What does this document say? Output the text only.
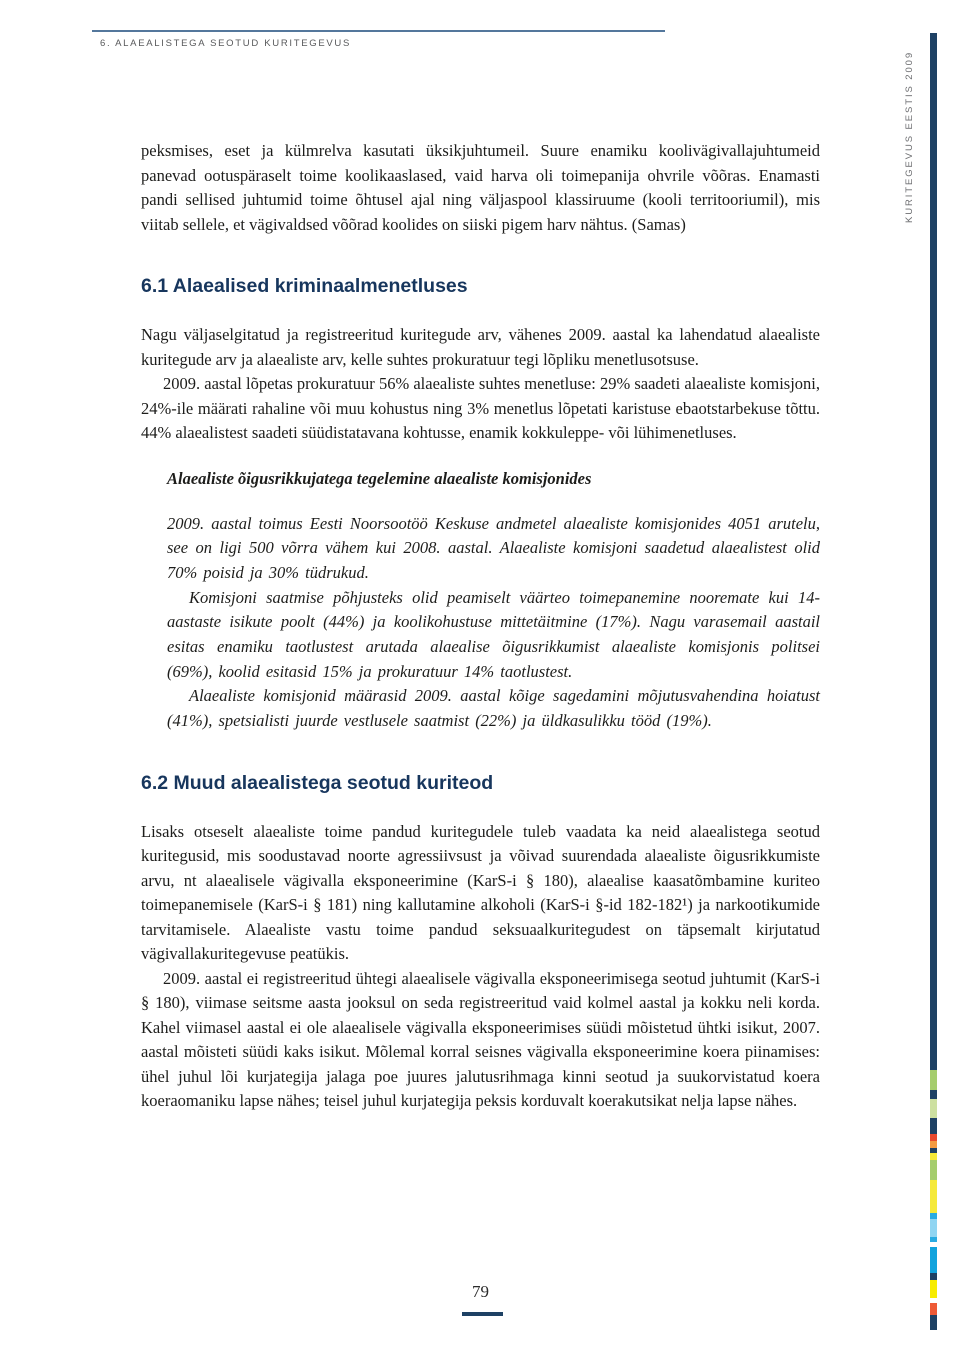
6. ALAEALISTEGA SEOTUD KURITEGEVUS
KURITEGEVUS EESTIS 2009

peksmises, eset ja külmrelva kasutati üksikjuhtumeil. Suure enamiku koolivägivallajuhtumeid panevad ootuspäraselt toime koolikaaslased, vaid harva oli toimepanija ohvrile võõras. Enamasti pandi sellised juhtumid toime õhtusel ajal ning väljaspool klassiruume (kooli territooriumil), mis viitab sellele, et vägivaldsed võõrad koolides on siiski pigem harv nähtus. (Samas)

6.1 Alaealised kriminaalmenetluses

Nagu väljaselgitatud ja registreeritud kuritegude arv, vähenes 2009. aastal ka lahendatud alaealiste kuritegude arv ja alaealiste arv, kelle suhtes prokuratuur tegi lõpliku menetlusotsuse.

2009. aastal lõpetas prokuratuur 56% alaealiste suhtes menetluse: 29% saadeti alaealiste komisjoni, 24%-ile määrati rahaline või muu kohustus ning 3% menetlus lõpetati karistuse ebaotstarbekuse tõttu. 44% alaealistest saadeti süüdistatavana kohtusse, enamik kokkuleppe- või lühimenetluses.

Alaealiste õigusrikkujatega tegelemine alaealiste komisjonides

2009. aastal toimus Eesti Noorsootöö Keskuse andmetel alaealiste komisjonides 4051 arutelu, see on ligi 500 võrra vähem kui 2008. aastal. Alaealiste komisjoni saadetud alaealistest olid 70% poisid ja 30% tüdrukud.

Komisjoni saatmise põhjusteks olid peamiselt väärteo toimepanemine nooremate kui 14-aastaste isikute poolt (44%) ja koolikohustuse mittetäitmine (17%). Nagu varasemail aastail esitas enamiku taotlustest arutada alaealise õigusrikkumist alaealiste komisjonis politsei (69%), koolid esitasid 15% ja prokuratuur 14% taotlustest.

Alaealiste komisjonid määrasid 2009. aastal kõige sagedamini mõjutusvahendina hoiatust (41%), spetsialisti juurde vestlusele saatmist (22%) ja üldkasulikku tööd (19%).

6.2 Muud alaealistega seotud kuriteod

Lisaks otseselt alaealiste toime pandud kuritegudele tuleb vaadata ka neid alaealistega seotud kuritegusid, mis soodustavad noorte agressiivsust ja võivad suurendada alaealiste õigusrikkumiste arvu, nt alaealisele vägivalla eksponeerimine (KarS-i § 180), alaealise kaasatõmbamine kuriteo toimepanemisele (KarS-i § 181) ning kallutamine alkoholi (KarS-i §-id 182-182¹) ja narkootikumide tarvitamisele. Alaealiste vastu toime pandud seksuaalkuritegudest on täpsemalt kirjutatud vägivallakuritegevuse peatükis.

2009. aastal ei registreeritud ühtegi alaealisele vägivalla eksponeerimisega seotud juhtumit (KarS-i § 180), viimase seitsme aasta jooksul on seda registreeritud vaid kolmel aastal ja kokku neli korda. Kahel viimasel aastal ei ole alaealisele vägivalla eksponeerimises süüdi mõistetud ühtki isikut, 2007. aastal mõisteti süüdi kaks isikut. Mõlemal korral seisnes vägivalla eksponeerimine koera piinamises: ühel juhul lõi kurjategija jalaga poe juures jalutusrihmaga kinni seotud ja suukorvistatud koera koeraomaniku lapse nähes; teisel juhul kurjategija peksis korduvalt koerakutsikat nelja lapse nähes.

79
